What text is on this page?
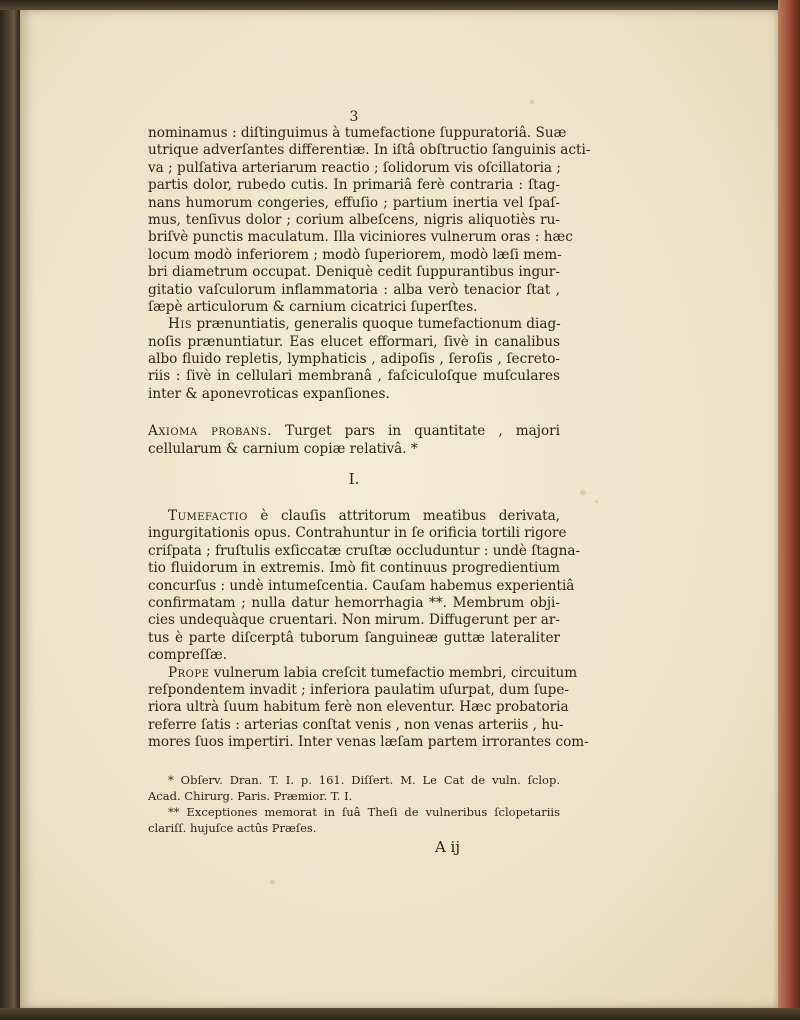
3
nominamus : diſtinguimus à tumefactione ſuppuratoriâ. Suæ
utrique adverſantes differentiæ. In iſtâ obſtructio ſanguinis acti-
va ; pulſativa arteriarum reactio ; ſolidorum vis oſcillatoria ;
partis dolor, rubedo cutis. In primariâ ferè contraria : ſtag-
nans humorum congeries, effuſio ; partium inertia vel ſpaſ-
mus, tenſivus dolor ; corium albeſcens, nigris aliquotiès ru-
briſvè punctis maculatum. Illa viciniores vulnerum oras : hæc
locum modò inferiorem ; modò ſuperiorem, modò læſi mem-
bri diametrum occupat. Deniquè cedit ſuppurantibus ingur-
gitatio vaſculorum inflammatoria : alba verò tenacior ſtat ,
ſæpè articulorum & carnium cicatrici ſuperſtes.
His prænuntiatis, generalis quoque tumefactionum diag-
noſis prænuntiatur. Eas elucet efformari, ſivè in canalibus
albo fluido repletis, lymphaticis , adipoſis , ſeroſis , ſecreto-
riis : ſivè in cellulari membranâ , faſciculoſque muſculares
inter & aponevroticas expanſiones.
Axioma probans. Turget pars in quantitate , majori
cellularum & carnium copiæ relativâ. *
I.
Tumefactio è clauſis attritorum meatibus derivata,
ingurgitationis opus. Contrahuntur in ſe orificia tortili rigore
criſpata ; fruſtulis exſiccatæ cruſtæ occluduntur : undè ſtagna-
tio fluidorum in extremis. Imò fit continuus progredientium
concurſus : undè intumeſcentia. Cauſam habemus experientiâ
confirmatam ; nulla datur hemorrhagia **. Membrum obji-
cies undequàque cruentari. Non mirum. Diffugerunt per ar-
tus è parte diſcerptâ tuborum ſanguineæ guttæ lateraliter
compreſſæ.
Prope vulnerum labia creſcit tumefactio membri, circuitum
reſpondentem invadit ; inferiora paulatim uſurpat, dum ſupe-
riora ultrà ſuum habitum ferè non eleventur. Hæc probatoria
referre ſatis : arterias conſtat venis , non venas arteriis , hu-
mores ſuos impertiri. Inter venas læſam partem irrorantes com-
* Obſerv. Dran. T. I. p. 161. Diſſert. M. Le Cat de vuln. ſclop.
Acad. Chirurg. Paris. Præmior. T. I.
** Exceptiones memorat in ſuâ Theſi de vulneribus ſclopetariis
clariſſ. hujuſce actûs Præſes.
A ij
